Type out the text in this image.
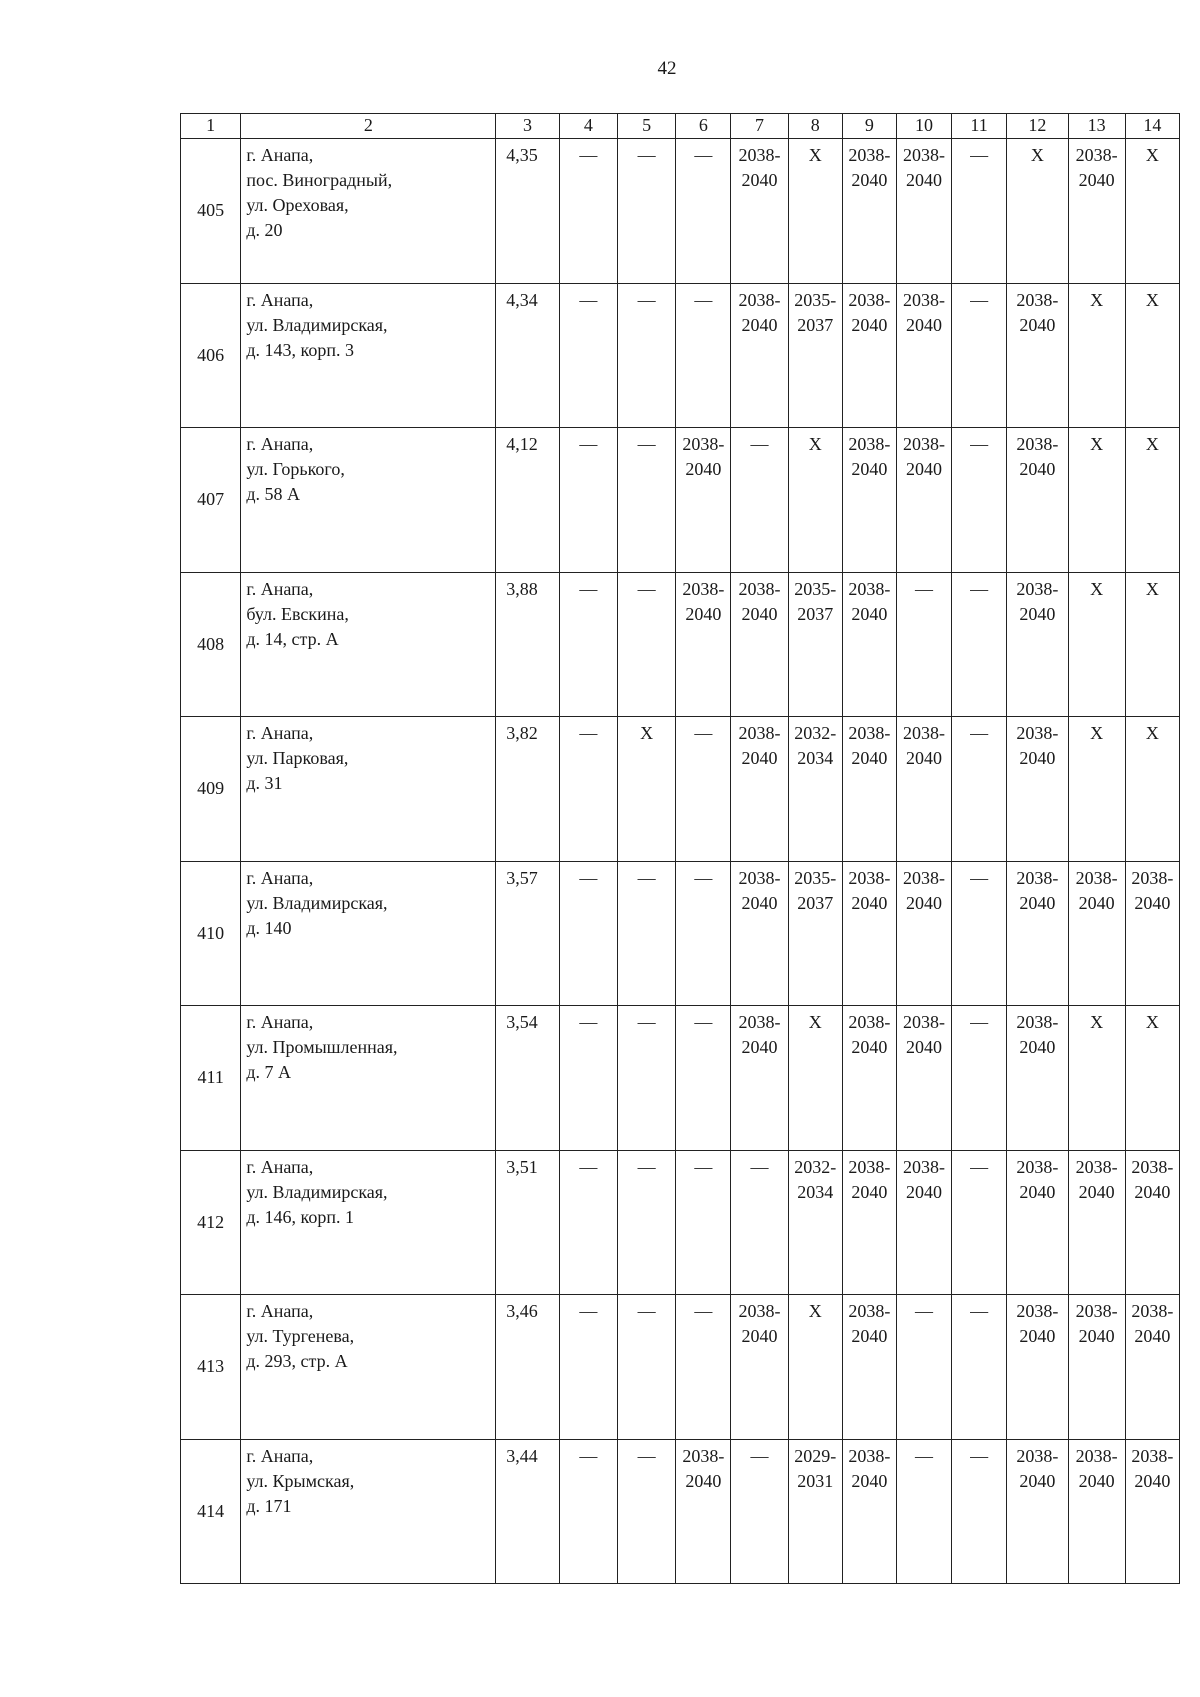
42
1	2	3	4	5	6	7	8	9	10	11	12	13	14
405	г. Анапа,
пос. Виноградный,
ул. Ореховая,
д. 20	4,35	—	—	—	2038-
2040	X	2038-
2040	2038-
2040	—	X	2038-
2040	X
406	г. Анапа,
ул. Владимирская,
д. 143, корп. 3	4,34	—	—	—	2038-
2040	2035-
2037	2038-
2040	2038-
2040	—	2038-
2040	X	X
407	г. Анапа,
ул. Горького,
д. 58 А	4,12	—	—	2038-
2040	—	X	2038-
2040	2038-
2040	—	2038-
2040	X	X
408	г. Анапа,
бул. Евскина,
д. 14, стр. А	3,88	—	—	2038-
2040	2038-
2040	2035-
2037	2038-
2040	—	—	2038-
2040	X	X
409	г. Анапа,
ул. Парковая,
д. 31	3,82	—	X	—	2038-
2040	2032-
2034	2038-
2040	2038-
2040	—	2038-
2040	X	X
410	г. Анапа,
ул. Владимирская,
д. 140	3,57	—	—	—	2038-
2040	2035-
2037	2038-
2040	2038-
2040	—	2038-
2040	2038-
2040	2038-
2040

411	г. Анапа,
ул. Промышленная,
д. 7 А	3,54	—	—	—	2038-
2040	X	2038-
2040	2038-
2040	—	2038-
2040	X	X
412	г. Анапа,
ул. Владимирская,
д. 146, корп. 1	3,51	—	—	—	—	2032-
2034	2038-
2040	2038-
2040	—	2038-
2040	2038-
2040	2038-
2040

413	г. Анапа,
ул. Тургенева,
д. 293, стр. А	3,46	—	—	—	2038-
2040	X	2038-
2040	—	—	2038-
2040	2038-
2040	2038-
2040

414	г. Анапа,
ул. Крымская,
д. 171	3,44	—	—	2038-
2040	—	2029-
2031	2038-
2040	—	—	2038-
2040	2038-
2040	2038-
2040
